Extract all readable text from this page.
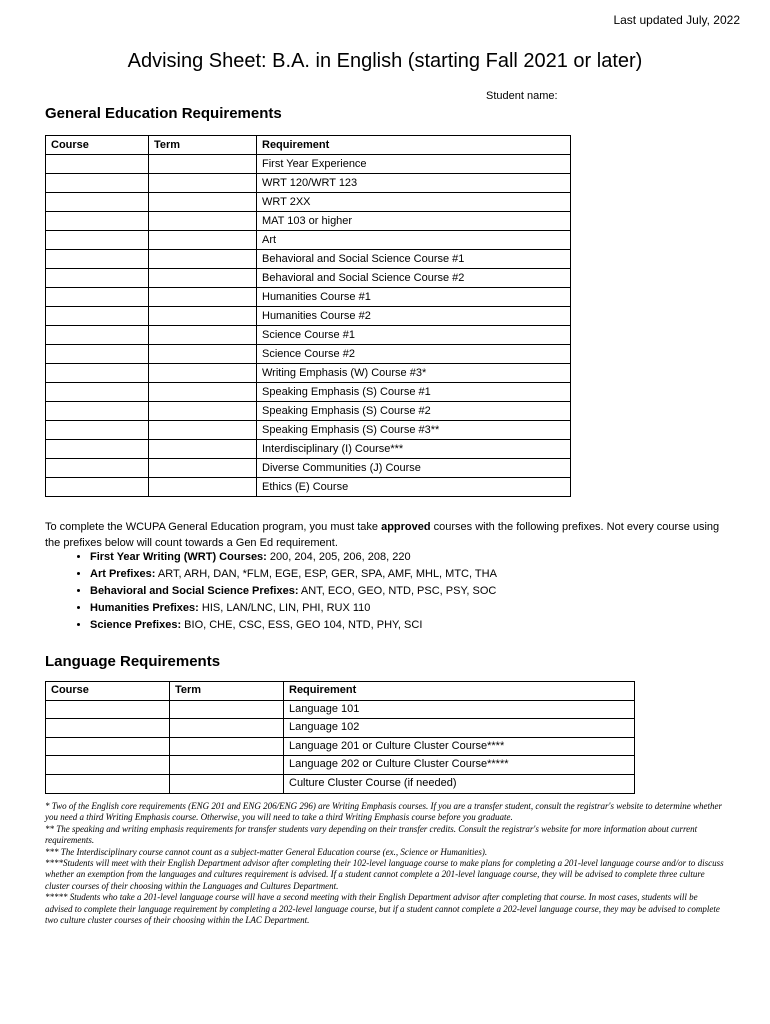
Last updated July, 2022
Advising Sheet: B.A. in English (starting Fall 2021 or later)
Student name:
General Education Requirements
Course	Term	Requirement
		First Year Experience
		WRT 120/WRT 123
		WRT 2XX
		MAT 103 or higher
		Art
		Behavioral and Social Science Course #1
		Behavioral and Social Science Course #2
		Humanities Course #1
		Humanities Course #2
		Science Course #1
		Science Course #2
		Writing Emphasis (W) Course #3*
		Speaking Emphasis (S) Course #1
		Speaking Emphasis (S) Course #2
		Speaking Emphasis (S) Course #3**
		Interdisciplinary (I) Course***
		Diverse Communities (J) Course
		Ethics (E) Course
To complete the WCUPA General Education program, you must take approved courses with the following prefixes. Not every course using the prefixes below will count towards a Gen Ed requirement.
• First Year Writing (WRT) Courses: 200, 204, 205, 206, 208, 220
• Art Prefixes: ART, ARH, DAN, *FLM, EGE, ESP, GER, SPA, AMF, MHL, MTC, THA
• Behavioral and Social Science Prefixes: ANT, ECO, GEO, NTD, PSC, PSY, SOC
• Humanities Prefixes: HIS, LAN/LNC, LIN, PHI, RUX 110
• Science Prefixes: BIO, CHE, CSC, ESS, GEO 104, NTD, PHY, SCI
Language Requirements
Course	Term	Requirement
		Language 101
		Language 102
		Language 201 or Culture Cluster Course****
		Language 202 or Culture Cluster Course*****
		Culture Cluster Course (if needed)

* Two of the English core requirements (ENG 201 and ENG 206/ENG 296) are Writing Emphasis courses. If you are a transfer student, consult the registrar's website to determine whether you need a third Writing Emphasis course. Otherwise, you will need to take a third Writing Emphasis course before you graduate.

** The speaking and writing emphasis requirements for transfer students vary depending on their transfer credits. Consult the registrar's website for more information about current requirements.

*** The Interdisciplinary course cannot count as a subject-matter General Education course (ex., Science or Humanities).

****Students will meet with their English Department advisor after completing their 102-level language course to make plans for completing a 201-level language course and/or to discuss whether an exemption from the languages and cultures requirement is advised. If a student cannot complete a 201-level language course, they will be advised to complete three culture cluster courses of their choosing within the Languages and Cultures Department.

***** Students who take a 201-level language course will have a second meeting with their English Department advisor after completing that course. In most cases, students will be advised to complete their language requirement by completing a 202-level language course, but if a student cannot complete a 202-level language course, they may be advised to complete two culture cluster courses of their choosing within the LAC Department.
